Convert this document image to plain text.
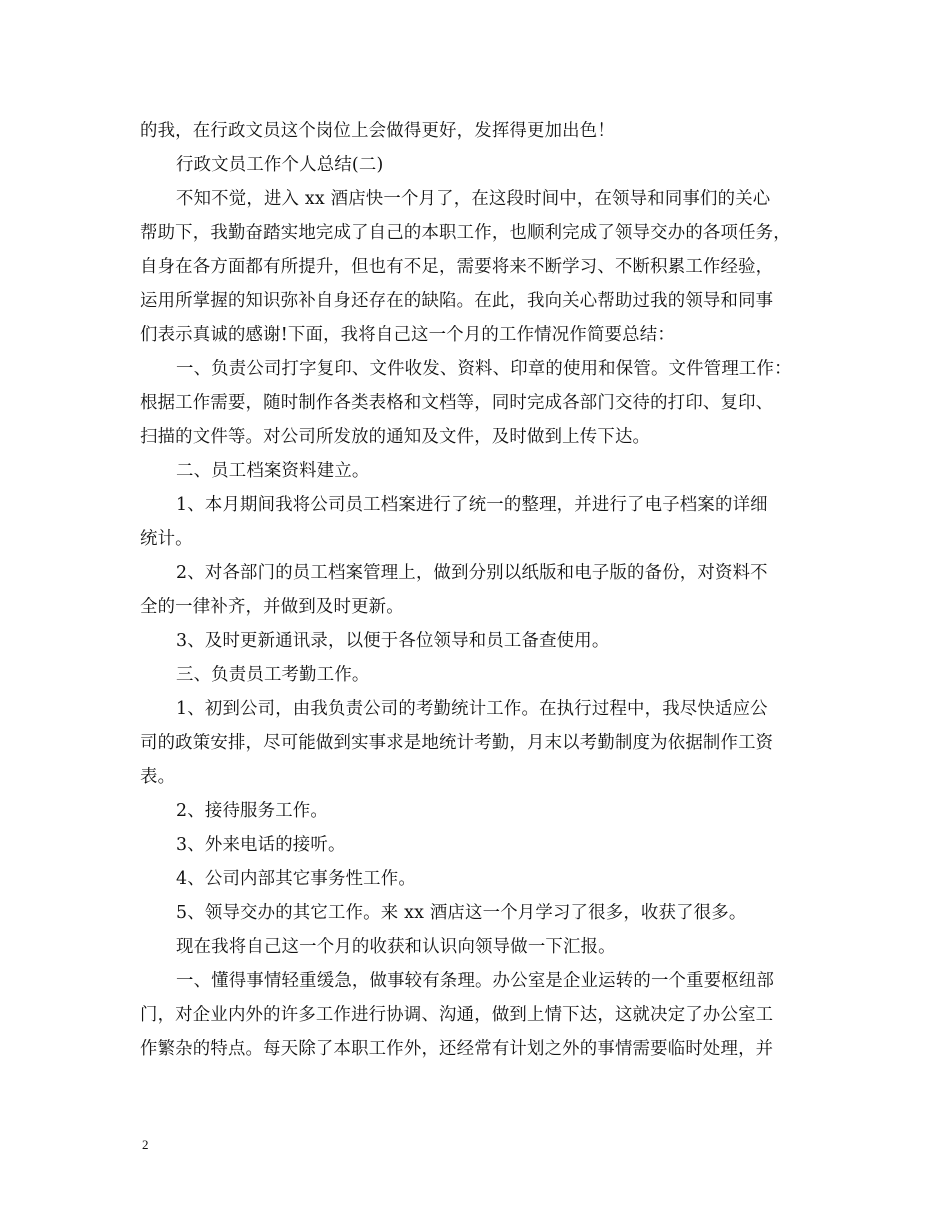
的我，在行政文员这个岗位上会做得更好，发挥得更加出色！
行政文员工作个人总结(二)
不知不觉，进入 xx 酒店快一个月了，在这段时间中，在领导和同事们的关心
帮助下，我勤奋踏实地完成了自己的本职工作，也顺利完成了领导交办的各项任务，
自身在各方面都有所提升，但也有不足，需要将来不断学习、不断积累工作经验，
运用所掌握的知识弥补自身还存在的缺陷。在此，我向关心帮助过我的领导和同事
们表示真诚的感谢!下面，我将自己这一个月的工作情况作简要总结：
一、负责公司打字复印、文件收发、资料、印章的使用和保管。文件管理工作：
根据工作需要，随时制作各类表格和文档等，同时完成各部门交待的打印、复印、
扫描的文件等。对公司所发放的通知及文件，及时做到上传下达。
二、员工档案资料建立。
1、本月期间我将公司员工档案进行了统一的整理，并进行了电子档案的详细
统计。
2、对各部门的员工档案管理上，做到分别以纸版和电子版的备份，对资料不
全的一律补齐，并做到及时更新。
3、及时更新通讯录，以便于各位领导和员工备查使用。
三、负责员工考勤工作。
1、初到公司，由我负责公司的考勤统计工作。在执行过程中，我尽快适应公
司的政策安排，尽可能做到实事求是地统计考勤，月末以考勤制度为依据制作工资
表。
2、接待服务工作。
3、外来电话的接听。
4、公司内部其它事务性工作。
5、领导交办的其它工作。来 xx 酒店这一个月学习了很多，收获了很多。
现在我将自己这一个月的收获和认识向领导做一下汇报。
一、懂得事情轻重缓急，做事较有条理。办公室是企业运转的一个重要枢纽部
门，对企业内外的许多工作进行协调、沟通，做到上情下达，这就决定了办公室工
作繁杂的特点。每天除了本职工作外，还经常有计划之外的事情需要临时处理，并
2
